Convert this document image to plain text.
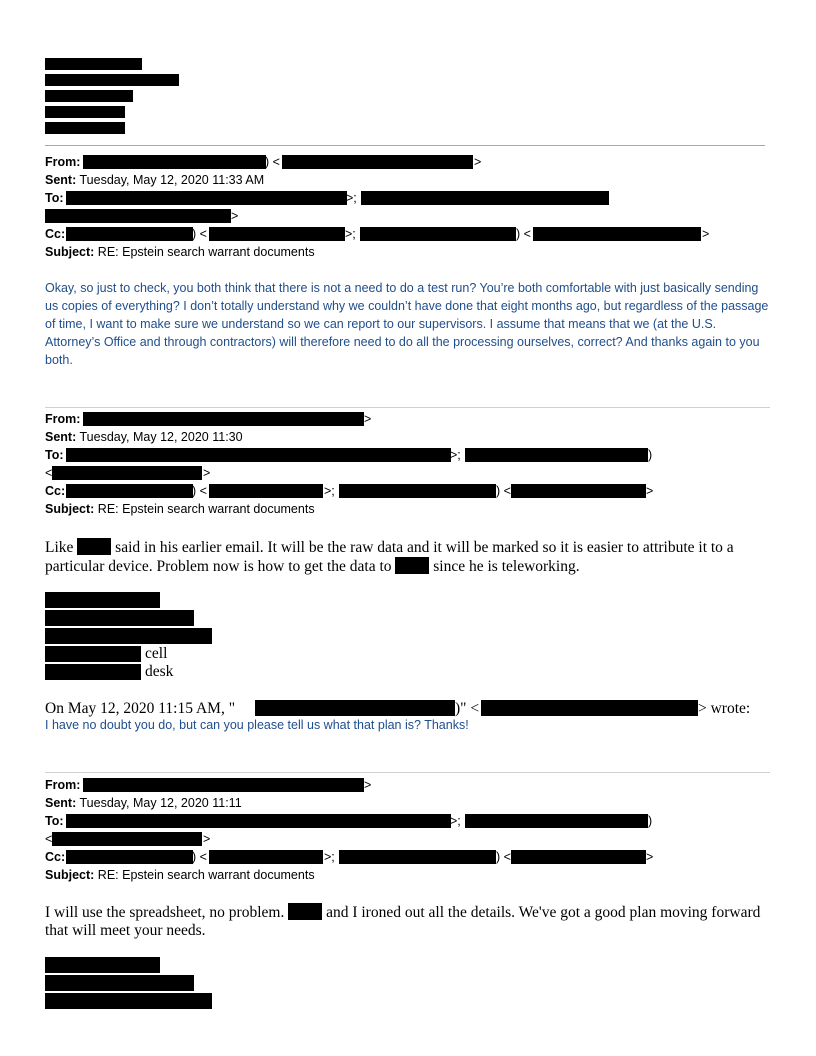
From:	) <	>
Sent: Tuesday, May 12, 2020 11:33 AM
To:	>;
>
Cc:	) <	>;	) <	>
Subject: RE: Epstein search warrant documents
Okay, so just to check, you both think that there is not a need to do a test run? You’re both comfortable with just basically sending us copies of everything? I don’t totally understand why we couldn’t have done that eight months ago, but regardless of the passage of time, I want to make sure we understand so we can report to our supervisors. I assume that means that we (at the U.S. Attorney’s Office and through contractors) will therefore need to do all the processing ourselves, correct? And thanks again to you both.
From:	>
Sent: Tuesday, May 12, 2020 11:30
To:	>;	)
<	>
Cc:	) <	>;	) <	>
Subject: RE: Epstein search warrant documents
Like	said in his earlier email. It will be the raw data and it will be marked so it is easier to attribute it to a particular device. Problem now is how to get the data to	since he is teleworking.
cell
desk
On May 12, 2020 11:15 AM, "	)" <	> wrote:
I have no doubt you do, but can you please tell us what that plan is? Thanks!
From:	>
Sent: Tuesday, May 12, 2020 11:11
To:	>;	)
<	>
Cc:	) <	>;	) <	>
Subject: RE: Epstein search warrant documents
I will use the spreadsheet, no problem.	and I ironed out all the details. We've got a good plan moving forward that will meet your needs.
